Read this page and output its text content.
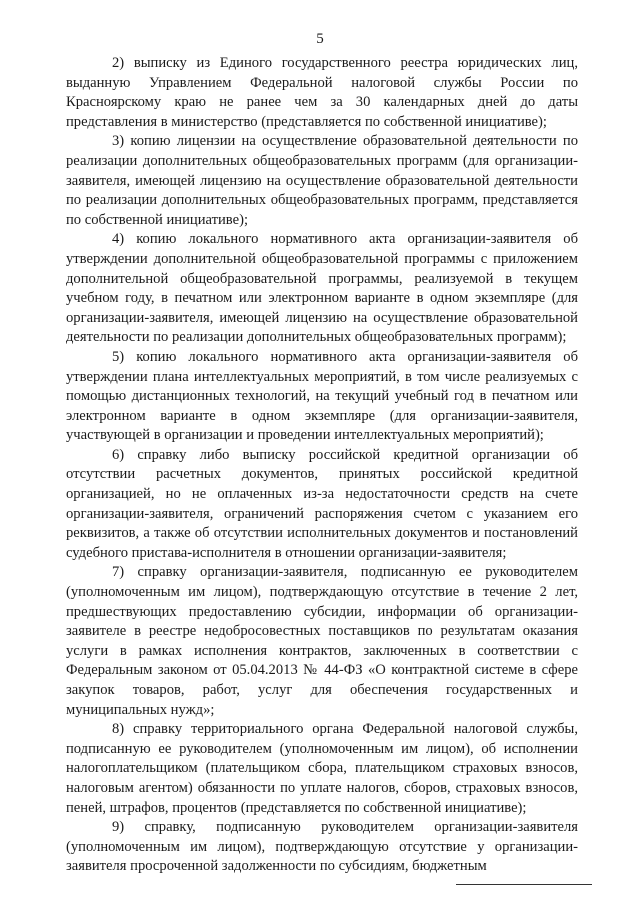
5

2) выписку из Единого государственного реестра юридических лиц, выданную Управлением Федеральной налоговой службы России по Красноярскому краю не ранее чем за 30 календарных дней до даты представления в министерство (представляется по собственной инициативе);

3) копию лицензии на осуществление образовательной деятельности по реализации дополнительных общеобразовательных программ (для организации-заявителя, имеющей лицензию на осуществление образовательной деятельности по реализации дополнительных общеобразовательных программ, представляется по собственной инициативе);

4) копию локального нормативного акта организации-заявителя об утверждении дополнительной общеобразовательной программы с приложением дополнительной общеобразовательной программы, реализуемой в текущем учебном году, в печатном или электронном варианте в одном экземпляре (для организации-заявителя, имеющей лицензию на осуществление образовательной деятельности по реализации дополнительных общеобразовательных программ);

5) копию локального нормативного акта организации-заявителя об утверждении плана интеллектуальных мероприятий, в том числе реализуемых с помощью дистанционных технологий, на текущий учебный год в печатном или электронном варианте в одном экземпляре (для организации-заявителя, участвующей в организации и проведении интеллектуальных мероприятий);

6) справку либо выписку российской кредитной организации об отсутствии расчетных документов, принятых российской кредитной организацией, но не оплаченных из-за недостаточности средств на счете организации-заявителя, ограничений распоряжения счетом с указанием его реквизитов, а также об отсутствии исполнительных документов и постановлений судебного пристава-исполнителя в отношении организации-заявителя;

7) справку организации-заявителя, подписанную ее руководителем (уполномоченным им лицом), подтверждающую отсутствие в течение 2 лет, предшествующих предоставлению субсидии, информации об организации-заявителе в реестре недобросовестных поставщиков по результатам оказания услуги в рамках исполнения контрактов, заключенных в соответствии с Федеральным законом от 05.04.2013 № 44-ФЗ «О контрактной системе в сфере закупок товаров, работ, услуг для обеспечения государственных и муниципальных нужд»;

8) справку территориального органа Федеральной налоговой службы, подписанную ее руководителем (уполномоченным им лицом), об исполнении налогоплательщиком (плательщиком сбора, плательщиком страховых взносов, налоговым агентом) обязанности по уплате налогов, сборов, страховых взносов, пеней, штрафов, процентов (представляется по собственной инициативе);

9) справку, подписанную руководителем организации-заявителя (уполномоченным им лицом), подтверждающую отсутствие у организации-заявителя просроченной задолженности по субсидиям, бюджетным
